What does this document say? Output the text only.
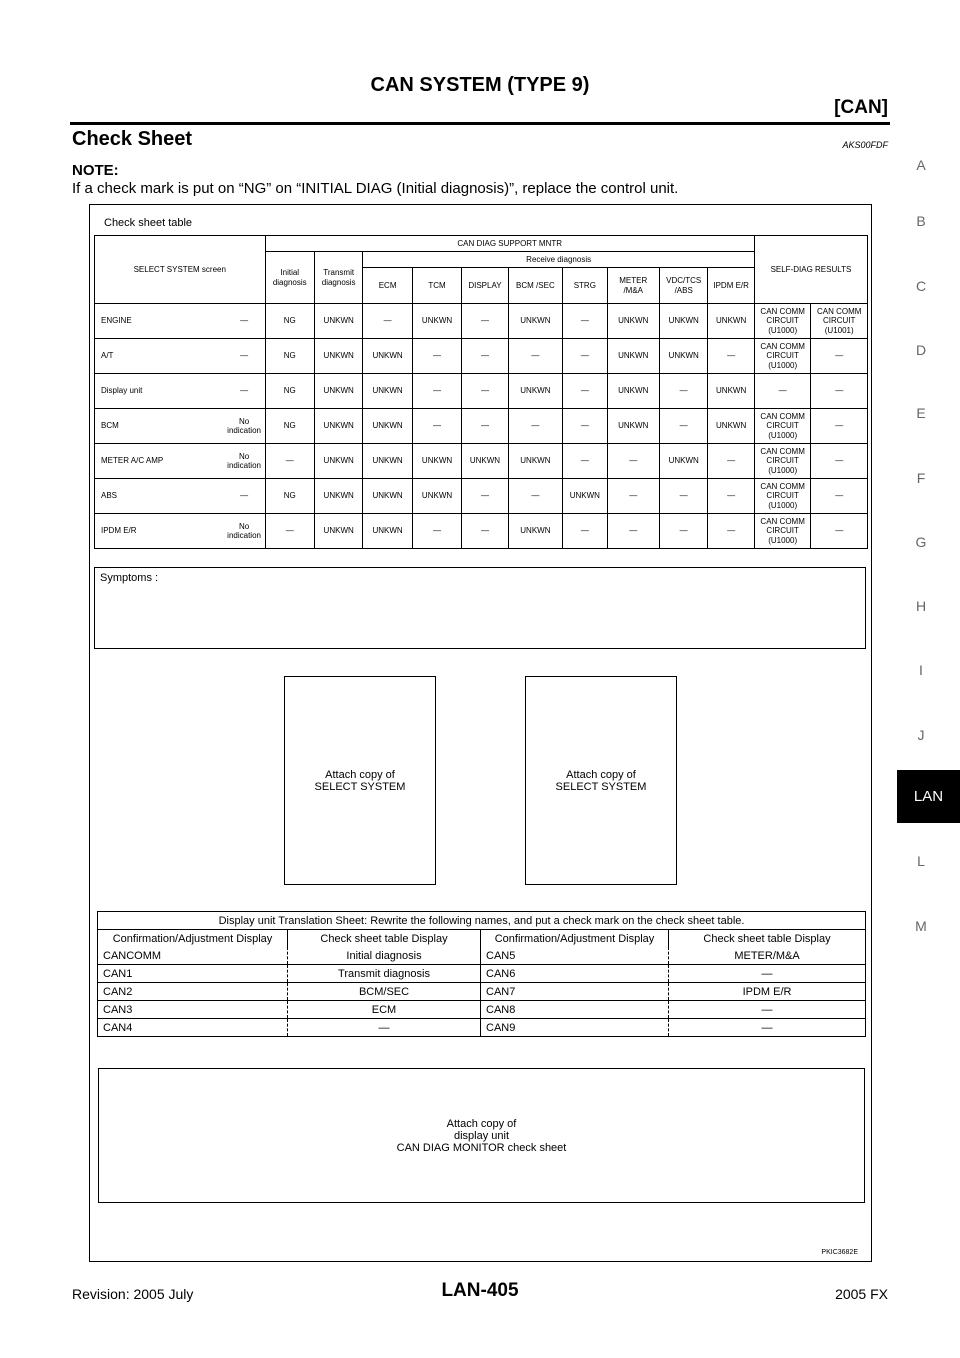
CAN SYSTEM (TYPE 9)
[CAN]
Check Sheet	AKS00FDF
NOTE:
If a check mark is put on “NG” on “INITIAL DIAG (Initial diagnosis)”, replace the control unit.
Check sheet table
SELECT SYSTEM screen		CAN DIAG SUPPORT MNTR										SELF-DIAG RESULTS	
		Initial diagnosis	Transmit diagnosis	Receive diagnosis									
				ECM	TCM	DISPLAY	BCM /SEC	STRG	METER /M&A	VDC/TCS /ABS	IPDM E/R		
ENGINE	—	NG	UNKWN	—	UNKWN	—	UNKWN	—	UNKWN	UNKWN	UNKWN	CAN COMM CIRCUIT (U1000)	CAN COMM CIRCUIT (U1001)
A/T	—	NG	UNKWN	UNKWN	—	—	—	—	UNKWN	UNKWN	—	CAN COMM CIRCUIT (U1000)	—
Display unit	—	NG	UNKWN	UNKWN	—	—	UNKWN	—	UNKWN	—	UNKWN	—	—
BCM	No indication	NG	UNKWN	UNKWN	—	—	—	—	UNKWN	—	UNKWN	CAN COMM CIRCUIT (U1000)	—
METER A/C AMP	No indication	—	UNKWN	UNKWN	UNKWN	UNKWN	UNKWN	—	—	UNKWN	—	CAN COMM CIRCUIT (U1000)	—
ABS	—	NG	UNKWN	UNKWN	UNKWN	—	—	UNKWN	—	—	—	CAN COMM CIRCUIT (U1000)	—
IPDM E/R	No indication	—	UNKWN	UNKWN	—	—	UNKWN	—	—	—	—	CAN COMM CIRCUIT (U1000)	—
Symptoms :
Attach copy of
SELECT SYSTEM
Attach copy of
SELECT SYSTEM
Display unit Translation Sheet: Rewrite the following names, and put a check mark on the check sheet table.			
Confirmation/Adjustment Display	Check sheet table Display	Confirmation/Adjustment Display	Check sheet table Display
CANCOMM	Initial diagnosis	CAN5	METER/M&A
CAN1	Transmit diagnosis	CAN6	—
CAN2	BCM/SEC	CAN7	IPDM E/R
CAN3	ECM	CAN8	—
CAN4	—	CAN9	—
Attach copy of
display unit
CAN DIAG MONITOR check sheet
PKIC3682E
Revision: 2005 July	LAN-405	2005 FX
A
B
C
D
E
F
G
H
I
J
L
M
LAN
